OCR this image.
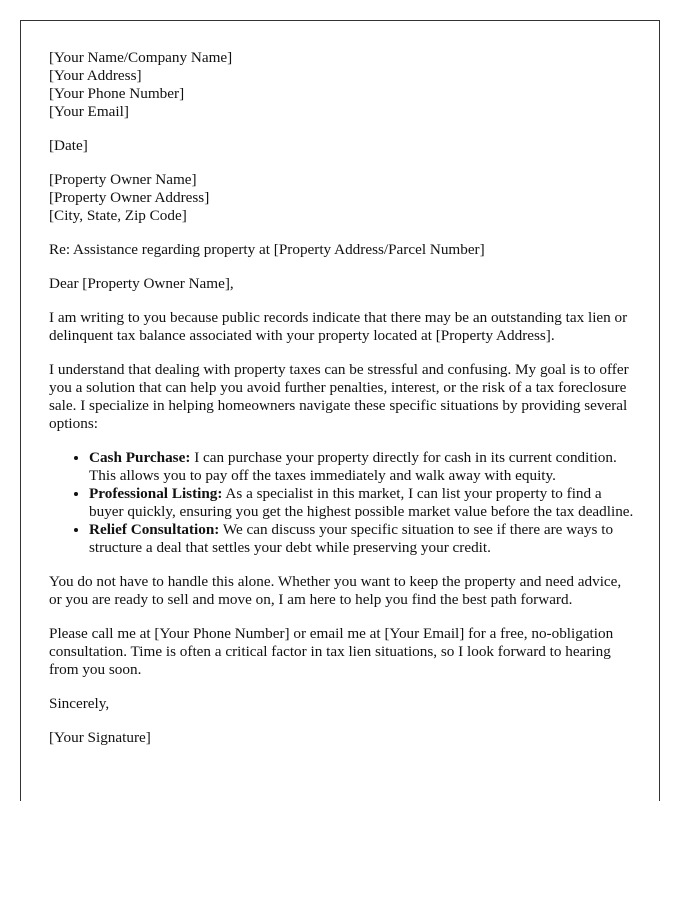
[Your Name/Company Name]
[Your Address]
[Your Phone Number]
[Your Email]
[Date]
[Property Owner Name]
[Property Owner Address]
[City, State, Zip Code]
Re: Assistance regarding property at [Property Address/Parcel Number]
Dear [Property Owner Name],
I am writing to you because public records indicate that there may be an outstanding tax lien or delinquent tax balance associated with your property located at [Property Address].
I understand that dealing with property taxes can be stressful and confusing. My goal is to offer you a solution that can help you avoid further penalties, interest, or the risk of a tax foreclosure sale. I specialize in helping homeowners navigate these specific situations by providing several options:
• Cash Purchase: I can purchase your property directly for cash in its current condition. This allows you to pay off the taxes immediately and walk away with equity.
• Professional Listing: As a specialist in this market, I can list your property to find a buyer quickly, ensuring you get the highest possible market value before the tax deadline.
• Relief Consultation: We can discuss your specific situation to see if there are ways to structure a deal that settles your debt while preserving your credit.
You do not have to handle this alone. Whether you want to keep the property and need advice, or you are ready to sell and move on, I am here to help you find the best path forward.
Please call me at [Your Phone Number] or email me at [Your Email] for a free, no-obligation consultation. Time is often a critical factor in tax lien situations, so I look forward to hearing from you soon.
Sincerely,
[Your Signature]
